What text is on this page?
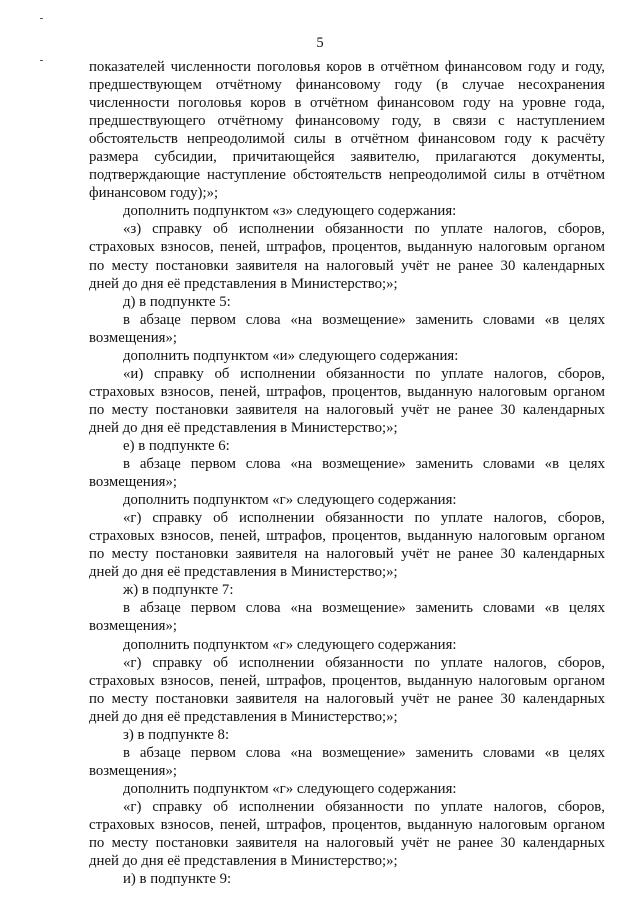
5
показателей численности поголовья коров в отчётном финансовом году и году,
предшествующем отчётному финансовому году (в случае несохранения
численности поголовья коров в отчётном финансовом году на уровне года,
предшествующего отчётному финансовому году, в связи с наступлением
обстоятельств непреодолимой силы в отчётном финансовом году к расчёту
размера субсидии, причитающейся заявителю, прилагаются документы,
подтверждающие наступление обстоятельств непреодолимой силы в отчётном
финансовом году);»;
дополнить подпунктом «з» следующего содержания:
«з) справку об исполнении обязанности по уплате налогов, сборов,
страховых взносов, пеней, штрафов, процентов, выданную налоговым органом
по месту постановки заявителя на налоговый учёт не ранее 30 календарных
дней до дня её представления в Министерство;»;
д) в подпункте 5:
в абзаце первом слова «на возмещение» заменить словами «в целях
возмещения»;
дополнить подпунктом «и» следующего содержания:
«и) справку об исполнении обязанности по уплате налогов, сборов,
страховых взносов, пеней, штрафов, процентов, выданную налоговым органом
по месту постановки заявителя на налоговый учёт не ранее 30 календарных
дней до дня её представления в Министерство;»;
е) в подпункте 6:
в абзаце первом слова «на возмещение» заменить словами «в целях
возмещения»;
дополнить подпунктом «г» следующего содержания:
«г) справку об исполнении обязанности по уплате налогов, сборов,
страховых взносов, пеней, штрафов, процентов, выданную налоговым органом
по месту постановки заявителя на налоговый учёт не ранее 30 календарных
дней до дня её представления в Министерство;»;
ж) в подпункте 7:
в абзаце первом слова «на возмещение» заменить словами «в целях
возмещения»;
дополнить подпунктом «г» следующего содержания:
«г) справку об исполнении обязанности по уплате налогов, сборов,
страховых взносов, пеней, штрафов, процентов, выданную налоговым органом
по месту постановки заявителя на налоговый учёт не ранее 30 календарных
дней до дня её представления в Министерство;»;
з) в подпункте 8:
в абзаце первом слова «на возмещение» заменить словами «в целях
возмещения»;
дополнить подпунктом «г» следующего содержания:
«г) справку об исполнении обязанности по уплате налогов, сборов,
страховых взносов, пеней, штрафов, процентов, выданную налоговым органом
по месту постановки заявителя на налоговый учёт не ранее 30 календарных
дней до дня её представления в Министерство;»;
и) в подпункте 9:
